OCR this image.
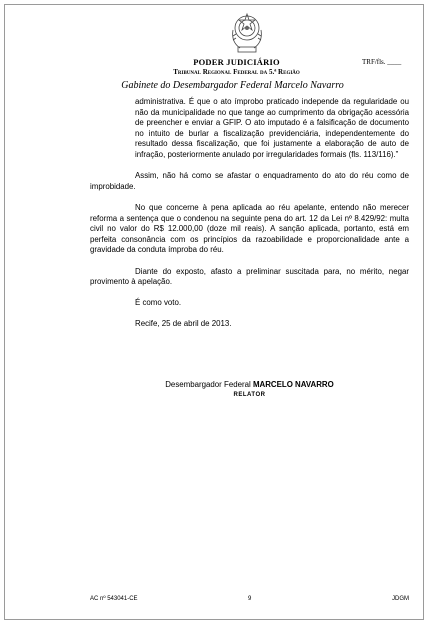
PODER JUDICIÁRIO	TRF/fls. ____
Tribunal Regional Federal da 5.ª Região
Gabinete do Desembargador Federal Marcelo Navarro
administrativa. É que o ato ímprobo praticado independe da regularidade ou não da municipalidade no que tange ao cumprimento da obrigação acessória de preencher e enviar a GFIP. O ato imputado é a falsificação de documento no intuito de burlar a fiscalização previdenciária, independentemente do resultado dessa fiscalização, que foi justamente a elaboração de auto de infração, posteriormente anulado por irregularidades formais (fls. 113/116).”

Assim, não há como se afastar o enquadramento do ato do réu como de improbidade.

No que concerne à pena aplicada ao réu apelante, entendo não merecer reforma a sentença que o condenou na seguinte pena do art. 12 da Lei nº 8.429/92: multa civil no valor do R$ 12.000,00 (doze mil reais). A sanção aplicada, portanto, está em perfeita consonância com os princípios da razoabilidade e proporcionalidade ante a gravidade da conduta ímproba do réu.

Diante do exposto, afasto a preliminar suscitada para, no mérito, negar provimento à apelação.

É como voto.

Recife, 25 de abril de 2013.

Desembargador Federal MARCELO NAVARRO
RELATOR
AC nº 543041-CE	9	JDGM
